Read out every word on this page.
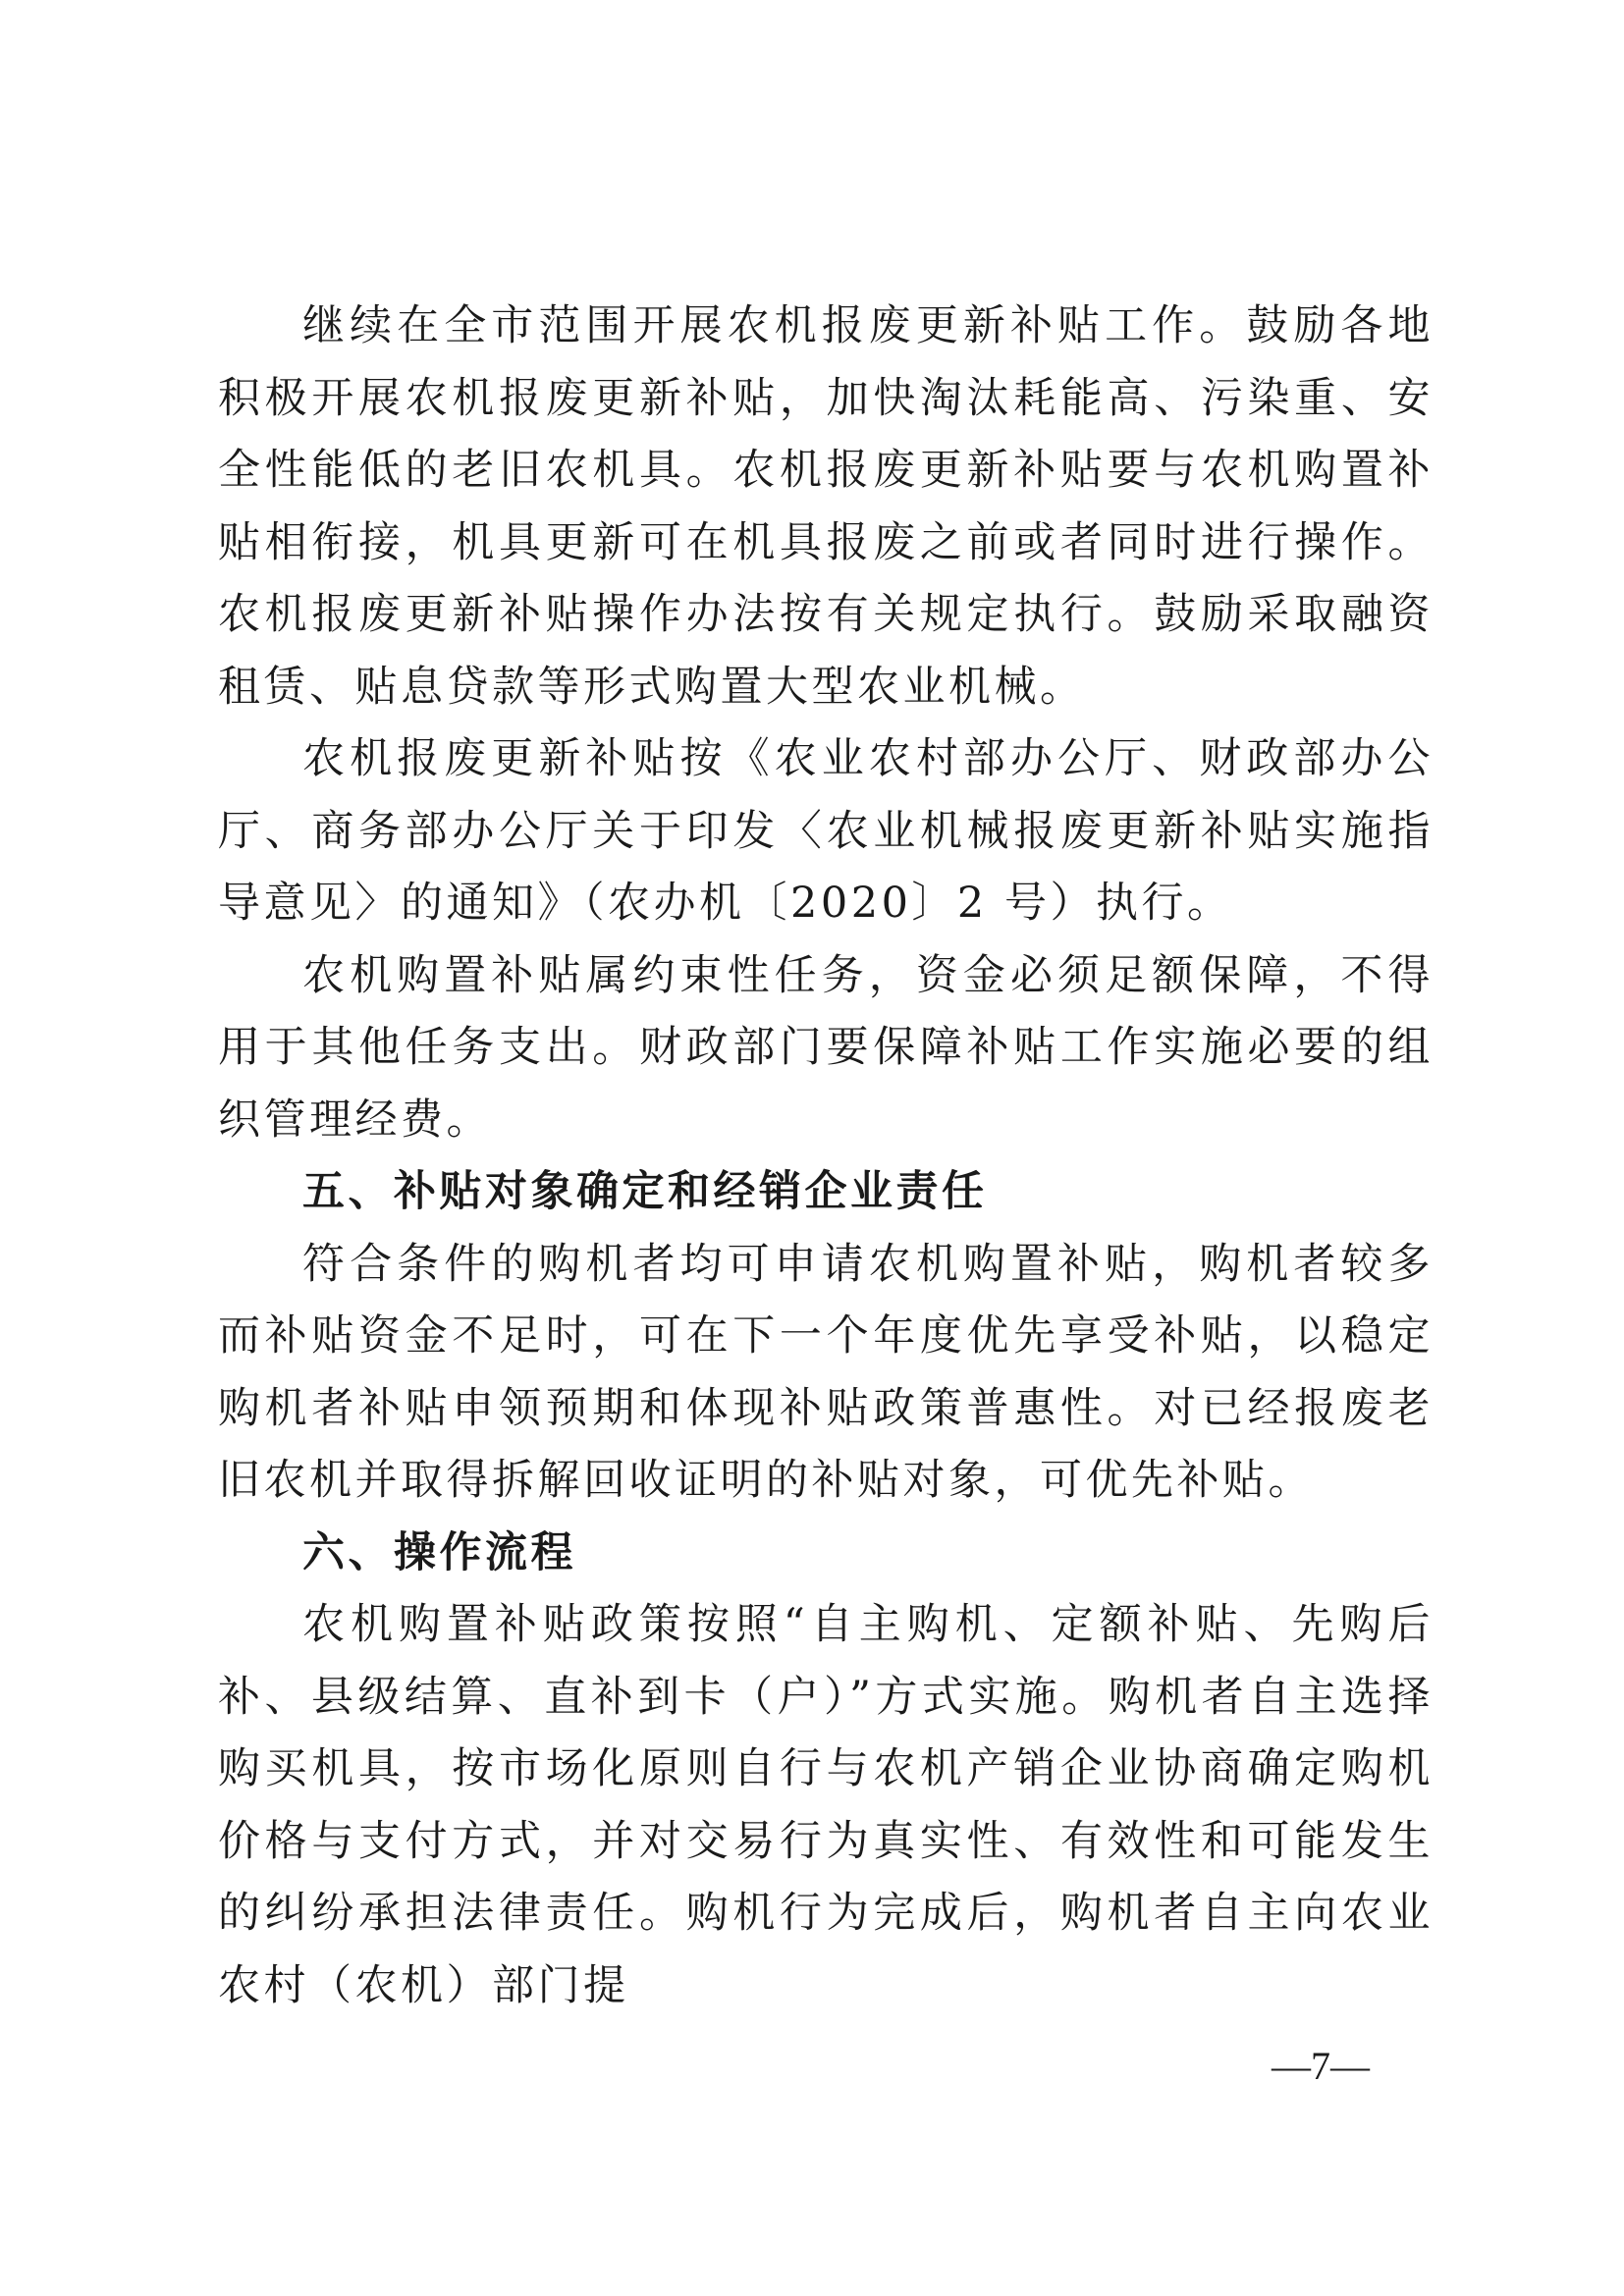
继续在全市范围开展农机报废更新补贴工作。鼓励各地积极开展农机报废更新补贴，加快淘汰耗能高、污染重、安全性能低的老旧农机具。农机报废更新补贴要与农机购置补贴相衔接，机具更新可在机具报废之前或者同时进行操作。农机报废更新补贴操作办法按有关规定执行。鼓励采取融资租赁、贴息贷款等形式购置大型农业机械。

农机报废更新补贴按《农业农村部办公厅、财政部办公厅、商务部办公厅关于印发〈农业机械报废更新补贴实施指导意见〉的通知》（农办机〔2020〕2 号）执行。

农机购置补贴属约束性任务，资金必须足额保障，不得用于其他任务支出。财政部门要保障补贴工作实施必要的组织管理经费。

五、补贴对象确定和经销企业责任

符合条件的购机者均可申请农机购置补贴，购机者较多而补贴资金不足时，可在下一个年度优先享受补贴，以稳定购机者补贴申领预期和体现补贴政策普惠性。对已经报废老旧农机并取得拆解回收证明的补贴对象，可优先补贴。

六、操作流程

农机购置补贴政策按照“自主购机、定额补贴、先购后补、县级结算、直补到卡（户）”方式实施。购机者自主选择购买机具，按市场化原则自行与农机产销企业协商确定购机价格与支付方式，并对交易行为真实性、有效性和可能发生的纠纷承担法律责任。购机行为完成后，购机者自主向农业农村（农机）部门提

—7—
